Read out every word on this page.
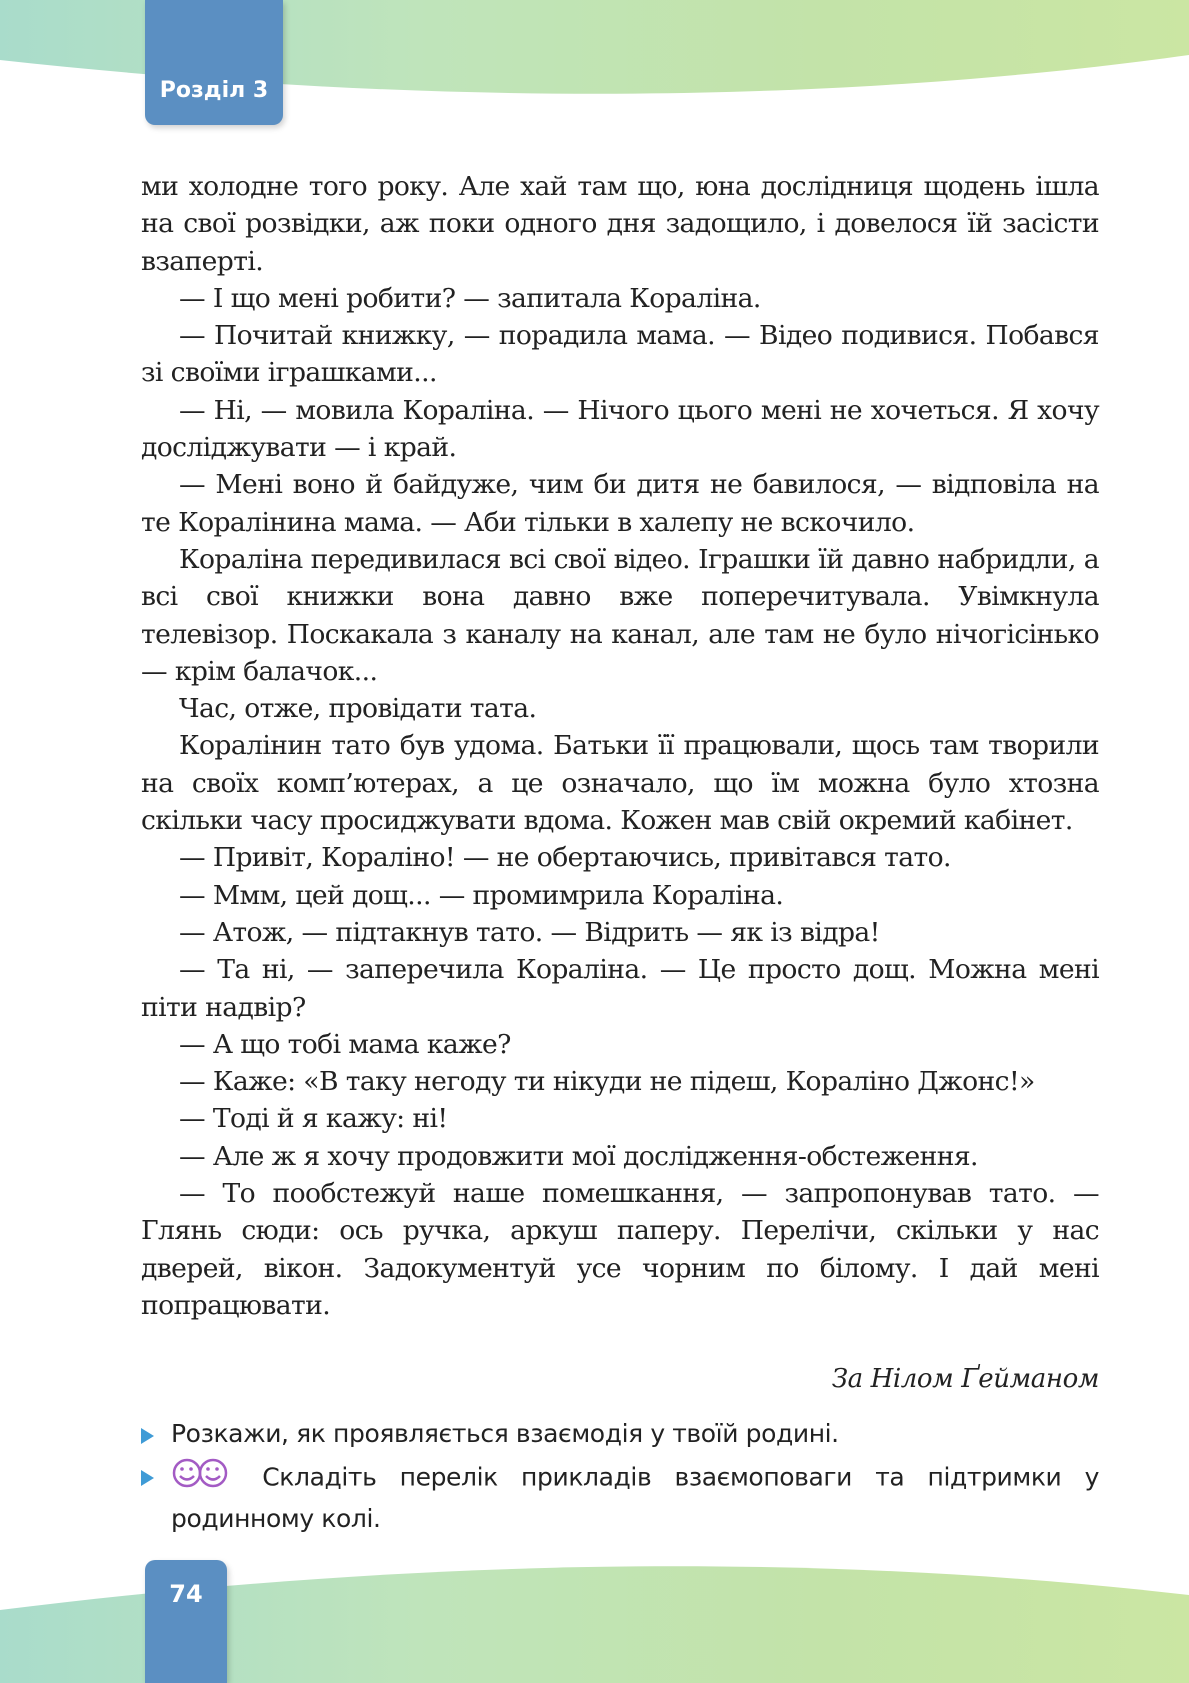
Розділ 3

ми холодне того року. Але хай там що, юна дослідниця щодень ішла на свої розвідки, аж поки одного дня задощило, і довелося їй засісти взаперті.

— І що мені робити? — запитала Кораліна.

— Почитай книжку, — порадила мама. — Відео подивися. Побався зі своїми іграшками...

— Ні, — мовила Кораліна. — Нічого цього мені не хочеться. Я хочу досліджувати — і край.

— Мені воно й байдуже, чим би дитя не бавилося, — відповіла на те Коралінина мама. — Аби тільки в халепу не вскочило.

Кораліна передивилася всі свої відео. Іграшки їй давно набридли, а всі свої книжки вона давно вже поперечитувала. Увімкнула телевізор. Поскакала з каналу на канал, але там не було нічогісінько — крім балачок...

Час, отже, провідати тата.

Коралінин тато був удома. Батьки її працювали, щось там творили на своїх комп’ютерах, а це означало, що їм можна було хтозна скільки часу просиджувати вдома. Кожен мав свій окремий кабінет.

— Привіт, Кораліно! — не обертаючись, привітався тато.

— Ммм, цей дощ... — промимрила Кораліна.

— Атож, — підтакнув тато. — Відрить — як із відра!

— Та ні, — заперечила Кораліна. — Це просто дощ. Можна мені піти надвір?

— А що тобі мама каже?

— Каже: «В таку негоду ти нікуди не підеш, Кораліно Джонс!»

— Тоді й я кажу: ні!

— Але ж я хочу продовжити мої дослідження-обстеження.

— То пообстежуй наше помешкання, — запропонував тато. — Глянь сюди: ось ручка, аркуш паперу. Перелічи, скільки у нас дверей, вікон. Задокументуй усе чорним по білому. І дай мені попрацювати.

За Нілом Ґейманом
Розкажи, як проявляється взаємодія у твоїй родині.
Складіть перелік прикладів взаємоповаги та підтримки у родинному колі.
74
